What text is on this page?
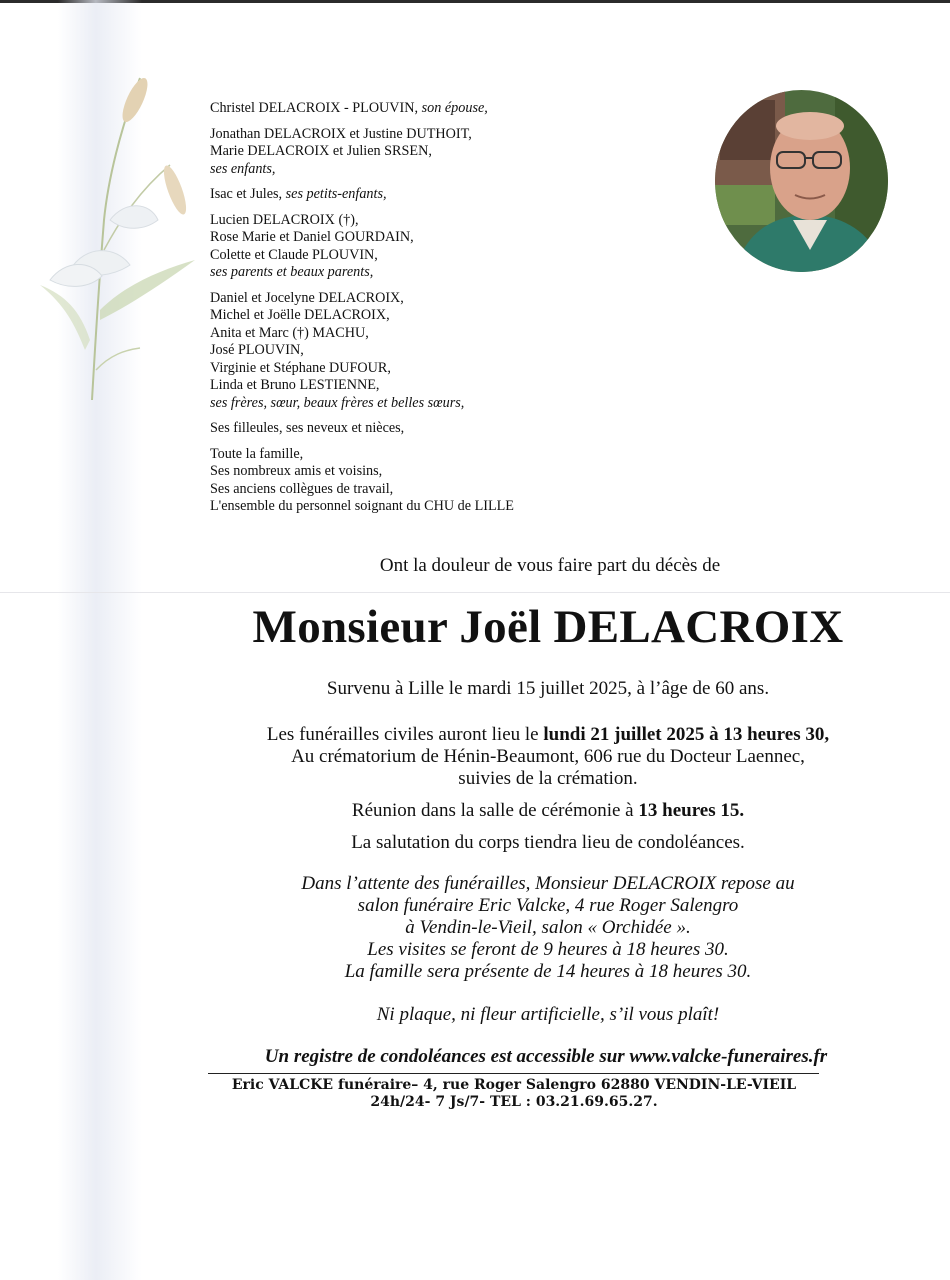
Christel DELACROIX - PLOUVIN, son épouse,

Jonathan DELACROIX et Justine DUTHOIT,

Marie DELACROIX et Julien SRSEN,

ses enfants,

Isac et Jules, ses petits-enfants,

Lucien DELACROIX (†),

Rose Marie et Daniel GOURDAIN,

Colette et Claude PLOUVIN,

ses parents et beaux parents,

Daniel et Jocelyne DELACROIX,

Michel et Joëlle DELACROIX,

Anita et Marc (†) MACHU,

José PLOUVIN,

Virginie et Stéphane DUFOUR,

Linda et Bruno LESTIENNE,

ses frères, sœur, beaux frères et belles sœurs,

Ses filleules, ses neveux et nièces,

Toute la famille,

Ses nombreux amis et voisins,

Ses anciens collègues de travail,

L'ensemble du personnel soignant du CHU de LILLE

Ont la douleur de vous faire part du décès de
Monsieur Joël DELACROIX
Survenu à Lille le mardi 15 juillet 2025, à l’âge de 60 ans.

Les funérailles civiles auront lieu le lundi 21 juillet 2025 à 13 heures 30,

Au crématorium de Hénin-Beaumont, 606 rue du Docteur Laennec,

suivies de la crémation.

Réunion dans la salle de cérémonie à 13 heures 15.

La salutation du corps tiendra lieu de condoléances.

Dans l’attente des funérailles, Monsieur DELACROIX repose au

salon funéraire Eric Valcke, 4 rue Roger Salengro

à Vendin-le-Vieil, salon « Orchidée ».

Les visites se feront de 9 heures à 18 heures 30.

La famille sera présente de 14 heures à 18 heures 30.

Ni plaque, ni fleur artificielle, s’il vous plaît!
Un registre de condoléances est accessible sur www.valcke-funeraires.fr
Eric VALCKE funéraire– 4, rue Roger Salengro 62880 VENDIN-LE-VIEIL
24h/24- 7 Js/7- TEL : 03.21.69.65.27.
